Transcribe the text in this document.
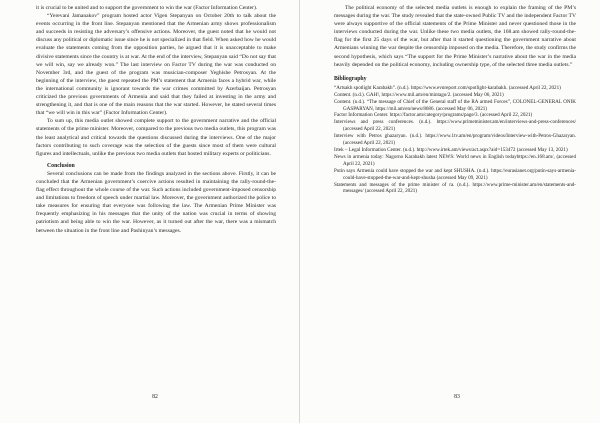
it is crucial to be united and to support the government to win the war (Factor Information Center).

“Yerevani Jamanakov” program hosted actor Vigen Stepanyan on October 20th to talk about the events occurring in the front line. Stepanyan mentioned that the Armenian army shows professionalism and succeeds in resisting the adversary’s offensive actions. Moreover, the guest noted that he would not discuss any political or diplomatic issue since he is not specialized in that field. When asked how he would evaluate the statements coming from the opposition parties, he argued that it is unacceptable to make divisive statements since the country is at war. At the end of the interview, Stepanyan said “Do not say that we will win, say we already won.” The last interview on Factor TV during the war was conducted on November 3rd, and the guest of the program was musician-composer Yeghishe Petrosyan. At the beginning of the interview, the guest repeated the PM’s statement that Armenia faces a hybrid war, while the international community is ignorant towards the war crimes committed by Azerbaijan. Petrosyan criticized the previous governments of Armenia and said that they failed at investing in the army and strengthening it, and that is one of the main reasons that the war started. However, he stated several times that “we will win in this war” (Factor Information Center).

To sum up, this media outlet showed complete support to the government narrative and the official statements of the prime minister. Moreover, compared to the previous two media outlets, this program was the least analytical and critical towards the questions discussed during the interviews. One of the major factors contributing to such coverage was the selection of the guests since most of them were cultural figures and intellectuals, unlike the previous two media outlets that hosted military experts or politicians.

Conclusion

Several conclusions can be made from the findings analyzed in the sections above. Firstly, it can be concluded that the Armenian government’s coercive actions resulted in maintaining the rally-round-the-flag effect throughout the whole course of the war. Such actions included government-imposed censorship and limitations to freedom of speech under martial law. Moreover, the government authorized the police to take measures for ensuring that everyone was following the law. The Armenian Prime Minister was frequently emphasizing in his messages that the unity of the nation was crucial in terms of showing patriotism and being able to win the war. However, as it turned out after the war, there was a mismatch between the situation in the front line and Pashinyan’s messages.

82

The political economy of the selected media outlets is enough to explain the framing of the PM’s messages during the war. The study revealed that the state-owned Public TV and the independent Factor TV were always supportive of the official statements of the Prime Minister and never questioned those in the interviews conducted during the war. Unlike these two media outlets, the 168.am showed rally-round-the-flag for the first 25 days of the war, but after that it started questioning the government narrative about Armenians winning the war despite the censorship imposed on the media. Therefore, the study confirms the second hypothesis, which says “The support for the Prime Minister’s narrative about the war in the media heavily depended on the political economy, including ownership type, of the selected three media outlets.”

Bibliography

“Artsakh spotlight Karabakh”. (n.d.). https://www.evnreport.com/spotlight-karabakh. (accessed April 22, 2021)

Content. (n.d.). GAH!, https://www.mil.am/en/mintago/2. (accessed May 06, 2021)

Content. (n.d.). “The message of Chief of the General staff of the RA armed Forces”, COLONEL-GENERAL ONIK GASPARYAN, https://mil.am/en/news/8686. (accessed May 06, 2021)

Factor Information Center. https://factor.am/category/programs/page/3. (accessed April 22, 2021)

Interviews and press conferences. (n.d.). https://www.primeminister.am/en/interviews-and-press-conferences/ (accessed April 22, 2021)

Interview with Petros ghazaryan. (n.d.). https://www.1tv.am/en/program/videos/Interview-with-Petros-Ghazaryan. (accessed April 22, 2021)

Irtek – Legal Information Center. (n.d.). http://www.irtek.am/views/act.aspx?aid=153472 (accessed May 13, 2021)

News in armenia today: Nagorno Karabakh latest NEWS: World news in English todaybttps://en.168.am/, (accessed April 22, 2021)

Putin says Armenia could have stopped the war and kept SHUSHA. (n.d.). https://eurasianet.org/putin-says-armenia-could-have-stopped-the-war-and-kept-shusha (accessed May 09, 2021)

Statements and messages of the prime minister of ra. (n.d.). https://www.prime-minister.am/en/statements-and-messages/ (accessed April 22, 2021)

83
